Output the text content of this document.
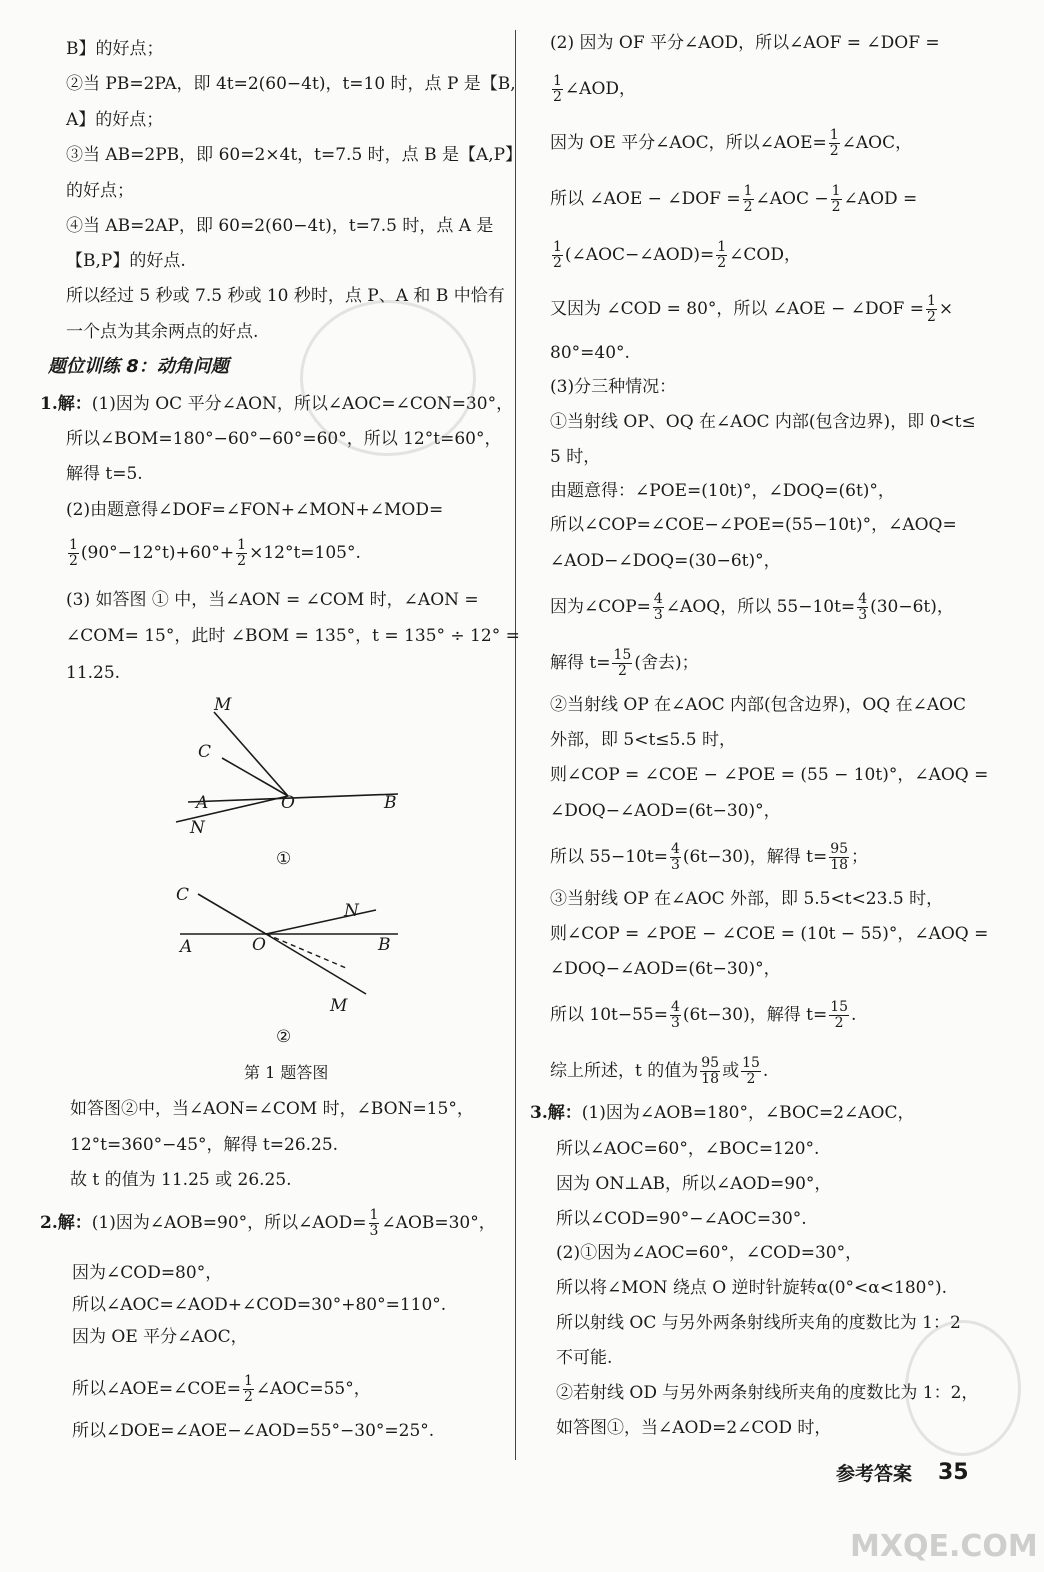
B】的好点；
②当 PB=2PA，即 4t=2(60−4t)，t=10 时，点 P 是【B,
A】的好点；
③当 AB=2PB，即 60=2×4t，t=7.5 时，点 B 是【A,P】
的好点；
④当 AB=2AP，即 60=2(60−4t)，t=7.5 时，点 A 是
【B,P】的好点.
所以经过 5 秒或 7.5 秒或 10 秒时，点 P、A 和 B 中恰有
一个点为其余两点的好点.
题位训练 8：动角问题
1.解：(1)因为 OC 平分∠AON，所以∠AOC=∠CON=30°，
所以∠BOM=180°−60°−60°=60°，所以 12°t=60°，
解得 t=5.
(2)由题意得∠DOF=∠FON+∠MON+∠MOD=
$\frac{1}{2} (90^\circ-12^\circ t)+60^\circ+ \frac{1}{2} \times 12^\circ t=105^\circ$.
(3) 如答图 ① 中，当∠AON = ∠COM 时，∠AON =
∠COM= 15°，此时 ∠BOM = 135°，t = 135° ÷ 12° =
11.25.
M
C
A	O	B
N
①
C
N
A	O	B
M
②
第 1 题答图
如答图②中，当∠AON=∠COM 时，∠BON=15°，
12°t=360°−45°，解得 t=26.25.
故 t 的值为 11.25 或 26.25.
2.解：(1)因为∠AOB=90°，所以∠AOD= $\frac{1}{3}$ ∠AOB=30°，
因为∠COD=80°，
所以∠AOC=∠AOD+∠COD=30°+80°=110°.
因为 OE 平分∠AOC，
所以∠AOE=∠COE= $\frac{1}{2}$ ∠AOC=55°，
所以∠DOE=∠AOE−∠AOD=55°−30°=25°.
(2) 因为 OF 平分∠AOD，所以∠AOF = ∠DOF =
$\frac{1}{2}$ ∠AOD，
因为 OE 平分∠AOC，所以∠AOE= $\frac{1}{2}$ ∠AOC，
所以 ∠AOE − ∠DOF = $\frac{1}{2}$ ∠AOC − $\frac{1}{2}$ ∠AOD =
$\frac{1}{2}$ (∠AOC−∠AOD)= $\frac{1}{2}$ ∠COD，
又因为 ∠COD = 80°，所以 ∠AOE − ∠DOF = $\frac{1}{2}$ ×
80°=40°.
(3)分三种情况：
①当射线 OP、OQ 在∠AOC 内部(包含边界)，即 0<t≤
5 时，
由题意得：∠POE=(10t)°，∠DOQ=(6t)°，
所以∠COP=∠COE−∠POE=(55−10t)°，∠AOQ=
∠AOD−∠DOQ=(30−6t)°，
因为∠COP= $\frac{4}{3}$ ∠AOQ，所以 $55-10t= \frac{4}{3} (30-6t)$，
解得 $t= \frac{15}{2}$ (舍去)；
②当射线 OP 在∠AOC 内部(包含边界)，OQ 在∠AOC
外部，即 5<t≤5.5 时，
则∠COP = ∠COE − ∠POE = (55 − 10t)°，∠AOQ =
∠DOQ−∠AOD=(6t−30)°，
所以 $55-10t= \frac{4}{3} (6t-30)$，解得 $t= \frac{95}{18}$ ；
③当射线 OP 在∠AOC 外部，即 5.5<t<23.5 时，
则∠COP = ∠POE − ∠COE = (10t − 55)°，∠AOQ =
∠DOQ−∠AOD=(6t−30)°，
所以 $10t-55= \frac{4}{3} (6t-30)$，解得 $t= \frac{15}{2}$ .
综上所述，t 的值为 $\frac{95}{18}$ 或 $\frac{15}{2}$ .
3.解：(1)因为∠AOB=180°，∠BOC=2∠AOC，
所以∠AOC=60°，∠BOC=120°.
因为 ON⊥AB，所以∠AOD=90°，
所以∠COD=90°−∠AOC=30°.
(2)①因为∠AOC=60°，∠COD=30°，
所以将∠MON 绕点 O 逆时针旋转α(0°<α<180°).
所以射线 OC 与另外两条射线所夹角的度数比为 1：2
不可能.
②若射线 OD 与另外两条射线所夹角的度数比为 1：2，
如答图①，当∠AOD=2∠COD 时，
参考答案 35
MXQE.COM
